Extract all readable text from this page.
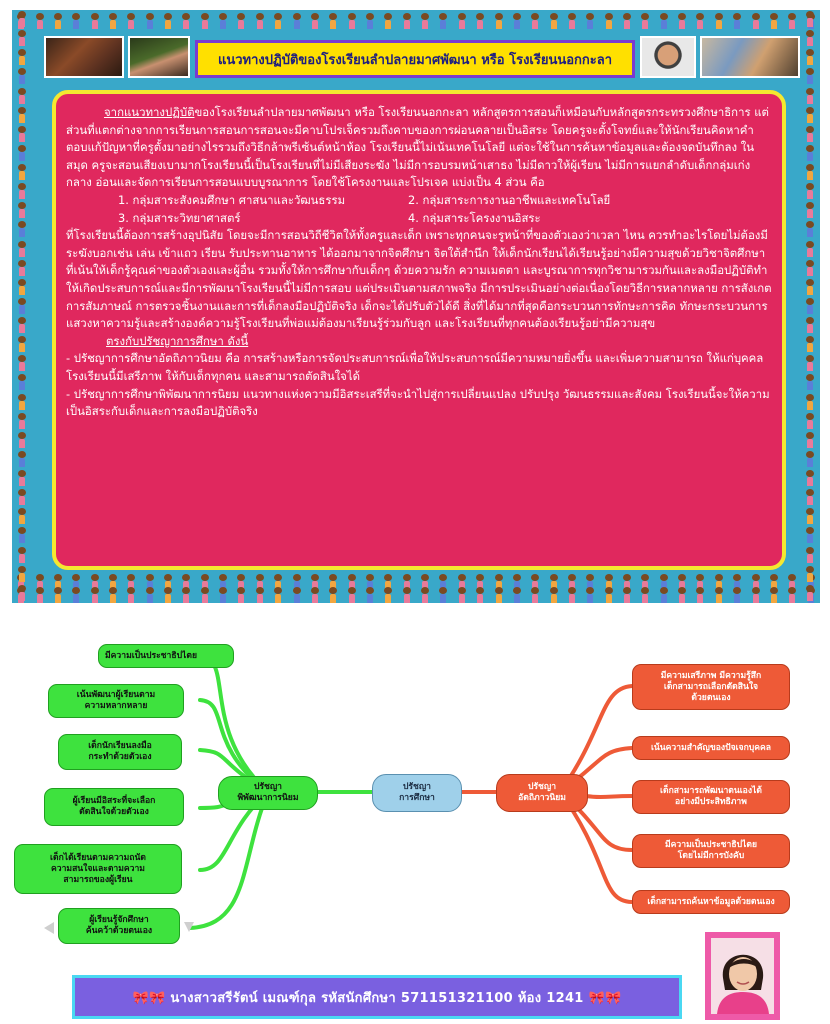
แนวทางปฏิบัติของโรงเรียนลำปลายมาศพัฒนา หรือ โรงเรียนนอกกะลา

จากแนวทางปฏิบัติของโรงเรียนลำปลายมาศพัฒนา หรือ โรงเรียนนอกกะลา หลักสูตรการสอนก็เหมือนกับหลักสูตรกระทรวงศึกษาธิการ แต่ส่วนที่แตกต่างจากการเรียนการสอนการสอนจะมีคาบโปรเจ็ครวมถึงคาบของการผ่อนคลายเป็นอิสระ โดยครูจะตั้งโจทย์และให้นักเรียนคิดหาคำตอบแก้ปัญหาที่ครูตั้งมาอย่างไรรวมถึงวิธีกล้าพรีเซ้นต์หน้าห้อง โรงเรียนนี้ไม่เน้นเทคโนโลยี แต่จะใช้ในการค้นหาข้อมูลและต้องจดบันทึกลง ในสมุด ครูจะสอนเสียงเบามากโรงเรียนนี้เป็นโรงเรียนที่ไม่มีเสียงระฆัง ไม่มีการอบรมหน้าเสาธง ไม่มีดาวให้ผู้เรียน ไม่มีการแยกลำดับเด็กกลุ่มเก่งกลาง อ่อนและจัดการเรียนการสอนแบบบูรณาการ โดยใช้โครงงานและโปรเจค แบ่งเป็น 4 ส่วน คือ

1. กลุ่มสาระสังคมศึกษา ศาสนาและวัฒนธรรม	2. กลุ่มสาระการงานอาชีพและเทคโนโลยี
3. กลุ่มสาระวิทยาศาสตร์	4. กลุ่มสาระโครงงานอิสระ

ที่โรงเรียนนี้ต้องการสร้างอุปนิสัย โดยจะมีการสอนวิถีชีวิตให้ทั้งครูและเด็ก เพราะทุกคนจะรูหน้าที่ของตัวเองว่าเวลา ไหน ควรทำอะไรโดยไม่ต้องมีระฆังบอกเช่น เล่น เข้าแถว เรียน รับประทานอาหาร ได้ออกมาจากจิตศึกษา จิตใต้สำนึก ให้เด็กนักเรียนได้เรียนรู้อย่างมีความสุขด้วยวิชาจิตศึกษาที่เน้นให้เด็กรู้คุณค่าของตัวเองและผู้อื่น รวมทั้งให้การศึกษากับเด็กๆ ด้วยความรัก ความเมตตา และบูรณาการทุกวิชามารวมกันและลงมือปฏิบัติทำ ให้เกิดประสบการณ์และมีการพัฒนาโรงเรียนนี้ไม่มีการสอบ แต่ประเมินตามสภาพจริง มีการประเมินอย่างต่อเนื่องโดยวิธีการหลากหลาย การสังเกต การสัมภาษณ์ การตรวจชิ้นงานและการที่เด็กลงมือปฏิบัติจริง เด็กจะได้ปรับตัวได้ดี สิ่งที่ได้มากที่สุดคือกระบวนการทักษะการคิด ทักษะกระบวนการแสวงหาความรู้และสร้างองค์ความรู้โรงเรียนที่พ่อแม่ต้องมาเรียนรู้ร่วมกับลูก และโรงเรียนที่ทุกคนต้องเรียนรู้อย่ามีความสุข

ตรงกับปรัชญาการศึกษา ดังนี้

- ปรัชญาการศึกษาอัตถิภาวนิยม คือ การสร้างหรือการจัดประสบการณ์เพื่อให้ประสบการณ์มีความหมายยิ่งขึ้น และเพิ่มความสามารถ ให้แก่บุคคล โรงเรียนนี้มีเสรีภาพ ให้กับเด็กทุกคน และสามารถตัดสินใจได้

- ปรัชญาการศึกษาพิพัฒนาการนิยม แนวทางแห่งความมีอิสระเสรีที่จะนำไปสู่การเปลี่ยนแปลง ปรับปรุง วัฒนธรรมและสังคม โรงเรียนนี้จะให้ความเป็นอิสระกับเด็กและการลงมือปฏิบัติจริง

มีความเป็นประชาธิปไตย
เน้นพัฒนาผู้เรียนตาม
ความหลากหลาย
เด็กนักเรียนลงมือ
กระทำด้วยตัวเอง
ผู้เรียนมีอิสระที่จะเลือก
ตัดสินใจด้วยตัวเอง
เด็กได้เรียนตามความถนัด
ความสนใจและตามความ
สามารถของผู้เรียน
ผู้เรียนรู้จักศึกษา
ค้นคว้าด้วยตนเอง
ปรัชญา
พิพัฒนาการนิยม
ปรัชญา
การศึกษา
ปรัชญา
อัตถิภาวนิยม
มีความเสรีภาพ มีความรู้สึก
เด็กสามารถเลือกตัดสินใจ
ด้วยตนเอง
เน้นความสำคัญของปัจเจกบุคคล
เด็กสามารถพัฒนาตนเองได้
อย่างมีประสิทธิภาพ
มีความเป็นประชาธิปไตย
โดยไม่มีการบังคับ
เด็กสามารถค้นหาข้อมูลด้วยตนเอง
🎀🎀 นางสาวสรีรัตน์ เมณฑ์กุล รหัสนักศึกษา 571151321100 ห้อง 1241 🎀🎀
